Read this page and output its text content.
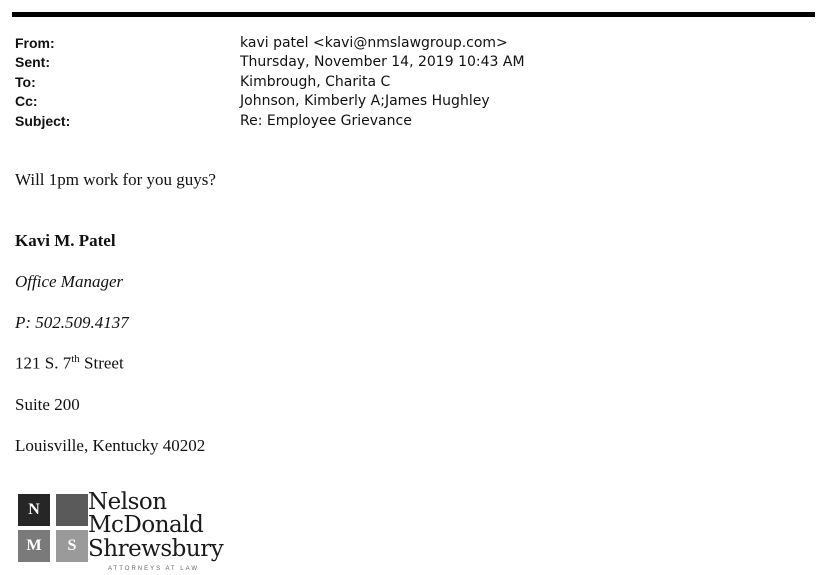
From:	kavi patel <kavi@nmslawgroup.com>
Sent:	Thursday, November 14, 2019 10:43 AM
To:	Kimbrough, Charita C
Cc:	Johnson, Kimberly A;James Hughley
Subject:	Re: Employee Grievance
Will 1pm work for you guys?
Kavi M. Patel
Office Manager
P: 502.509.4137
121 S. 7th Street
Suite 200
Louisville, Kentucky 40202
N
M	S
Nelson
McDonald
Shrewsbury
ATTORNEYS AT LAW
